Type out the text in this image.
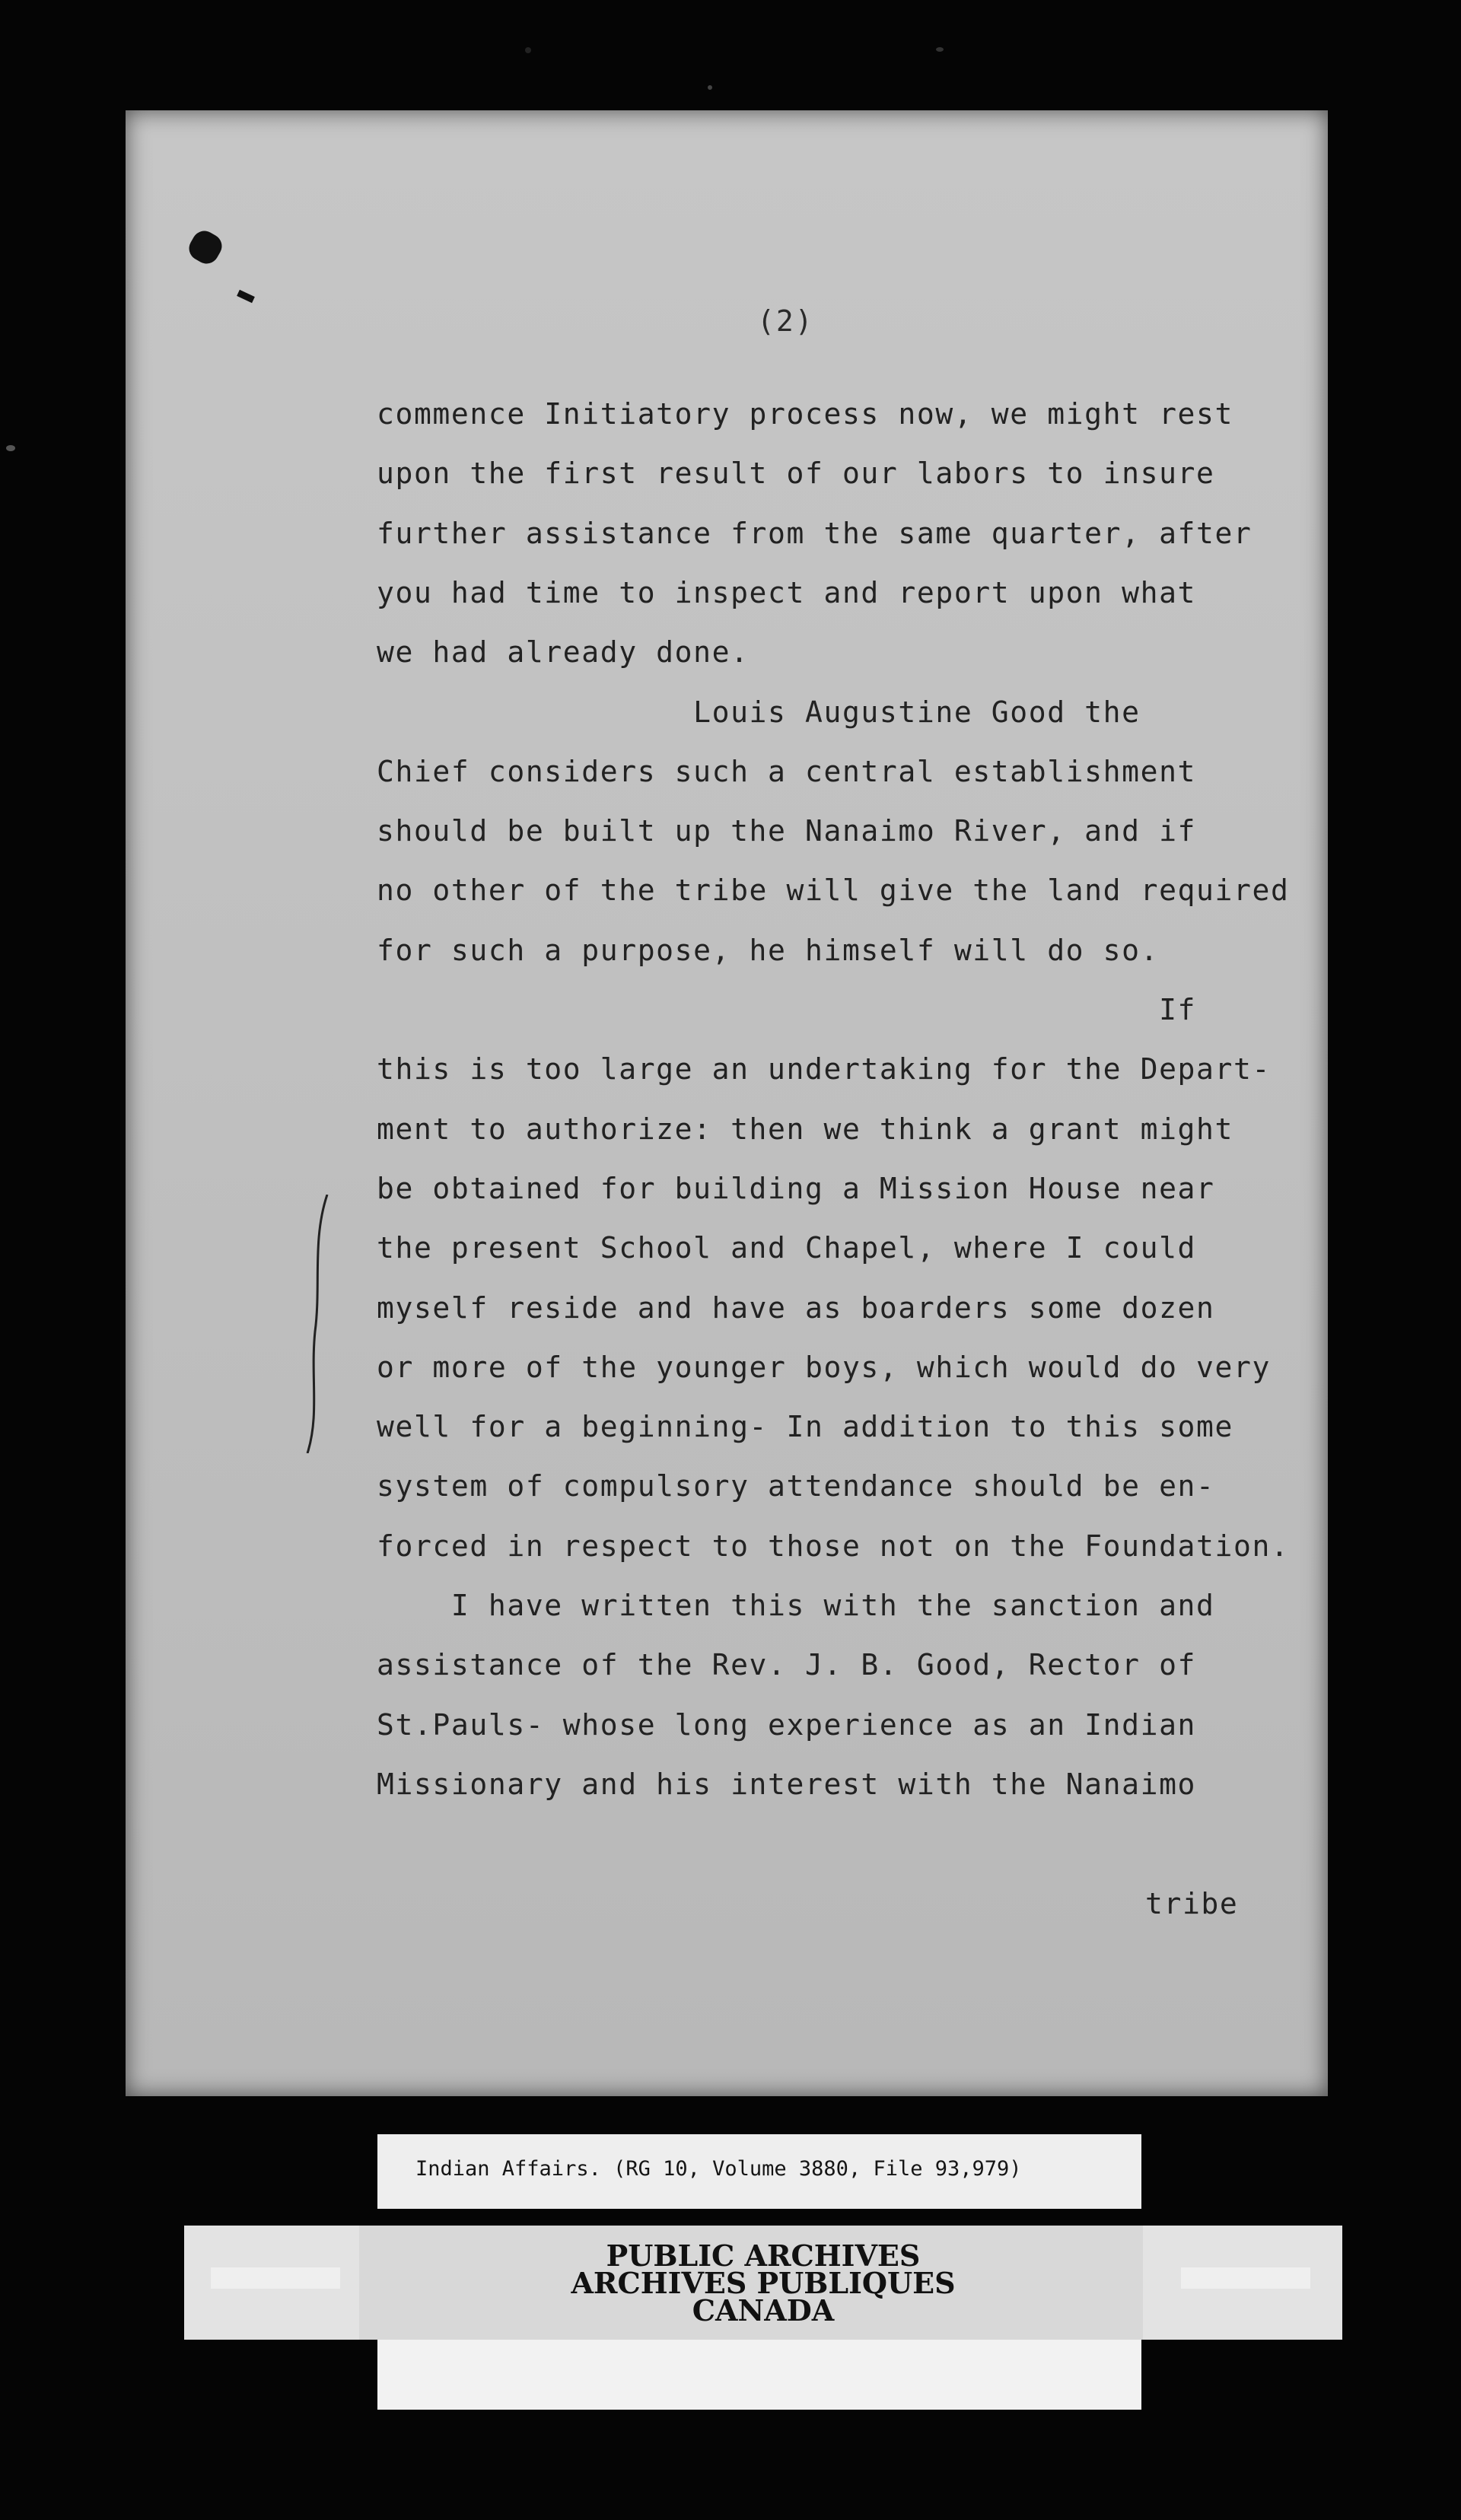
(2)
commence Initiatory process now, we might rest
upon the first result of our labors to insure
further assistance from the same quarter, after
you had time to inspect and report upon what
we had already done.
Louis Augustine Good the
Chief considers such a central establishment
should be built up the Nanaimo River, and if
no other of the tribe will give the land required
for such a purpose, he himself will do so.
If
this is too large an undertaking for the Depart-
ment to authorize: then we think a grant might
be obtained for building a Mission House near
the present School and Chapel, where I could
myself reside and have as boarders some dozen
or more of the younger boys, which would do very
well for a beginning- In addition to this some
system of compulsory attendance should be en-
forced in respect to those not on the Foundation.
I have written this with the sanction and
assistance of the Rev. J. B. Good, Rector of
St.Pauls- whose long experience as an Indian
Missionary and his interest with the Nanaimo
tribe
Indian Affairs. (RG 10, Volume 3880, File 93,979)
PUBLIC ARCHIVES
ARCHIVES PUBLIQUES
CANADA
